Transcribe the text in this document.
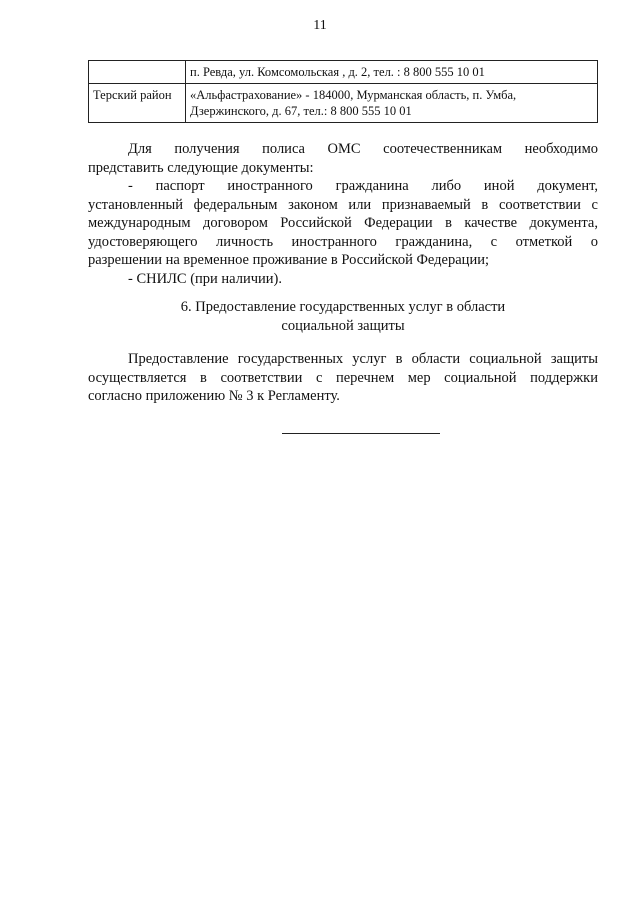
11

	п. Ревда, ул. Комсомольская , д. 2, тел. : 8 800 555 10 01

Терский район	«Альфастрахование» - 184000, Мурманская область, п. Умба,
Дзержинского, д. 67, тел.: 8 800 555 10 01

Для получения полиса ОМС соотечественникам необходимо

представить следующие документы:

- паспорт иностранного гражданина либо иной документ,

установленный федеральным законом или признаваемый в соответствии с

международным договором Российской Федерации в качестве документа,

удостоверяющего личность иностранного гражданина, с отметкой о

разрешении на временное проживание в Российской Федерации;

- СНИЛС (при наличии).

6. Предоставление государственных услуг в области
социальной защиты

Предоставление государственных услуг в области социальной защиты

осуществляется в соответствии с перечнем мер социальной поддержки

согласно приложению № 3 к Регламенту.
